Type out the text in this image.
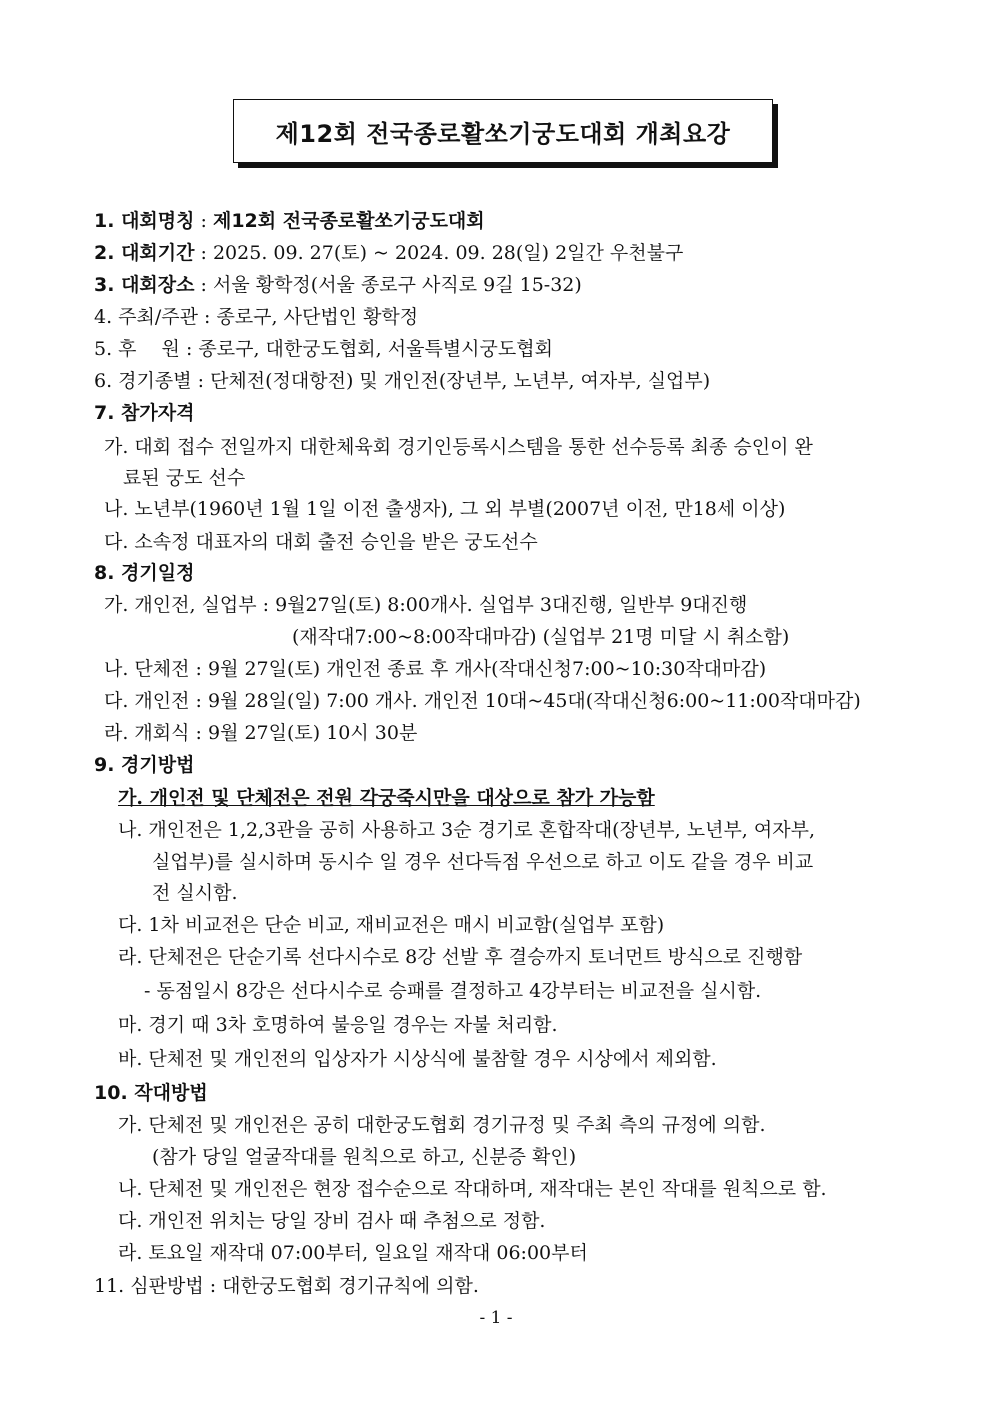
제12회 전국종로활쏘기궁도대회 개최요강
1. 대회명칭 : 제12회 전국종로활쏘기궁도대회
2. 대회기간 : 2025. 09. 27(토) ~ 2024. 09. 28(일) 2일간 우천불구
3. 대회장소 : 서울 황학정(서울 종로구 사직로 9길 15-32)
4. 주최/주관 : 종로구, 사단법인 황학정
5. 후　 원 : 종로구, 대한궁도협회, 서울특별시궁도협회
6. 경기종별 : 단체전(정대항전) 및 개인전(장년부, 노년부, 여자부, 실업부)
7. 참가자격
가. 대회 접수 전일까지 대한체육회 경기인등록시스템을 통한 선수등록 최종 승인이 완
료된 궁도 선수
나. 노년부(1960년 1월 1일 이전 출생자), 그 외 부별(2007년 이전, 만18세 이상)
다. 소속정 대표자의 대회 출전 승인을 받은 궁도선수
8. 경기일정
가. 개인전, 실업부 : 9월27일(토) 8:00개사. 실업부 3대진행, 일반부 9대진행
(재작대7:00~8:00작대마감) (실업부 21명 미달 시 취소함)
나. 단체전 : 9월 27일(토) 개인전 종료 후 개사(작대신청7:00~10:30작대마감)
다. 개인전 : 9월 28일(일) 7:00 개사. 개인전 10대~45대(작대신청6:00~11:00작대마감)
라. 개회식 : 9월 27일(토) 10시 30분
9. 경기방법
가. 개인전 및 단체전은 전원 각궁죽시만을 대상으로 참가 가능함
나. 개인전은 1,2,3관을 공히 사용하고 3순 경기로 혼합작대(장년부, 노년부, 여자부,
실업부)를 실시하며 동시수 일 경우 선다득점 우선으로 하고 이도 같을 경우 비교
전 실시함.
다. 1차 비교전은 단순 비교, 재비교전은 매시 비교함(실업부 포함)
라. 단체전은 단순기록 선다시수로 8강 선발 후 결승까지 토너먼트 방식으로 진행함
- 동점일시 8강은 선다시수로 승패를 결정하고 4강부터는 비교전을 실시함.
마. 경기 때 3차 호명하여 불응일 경우는 자불 처리함.
바. 단체전 및 개인전의 입상자가 시상식에 불참할 경우 시상에서 제외함.
10. 작대방법
가. 단체전 및 개인전은 공히 대한궁도협회 경기규정 및 주최 측의 규정에 의함.
(참가 당일 얼굴작대를 원칙으로 하고, 신분증 확인)
나. 단체전 및 개인전은 현장 접수순으로 작대하며, 재작대는 본인 작대를 원칙으로 함.
다. 개인전 위치는 당일 장비 검사 때 추첨으로 정함.
라. 토요일 재작대 07:00부터, 일요일 재작대 06:00부터
11. 심판방법 : 대한궁도협회 경기규칙에 의함.
- 1 -
